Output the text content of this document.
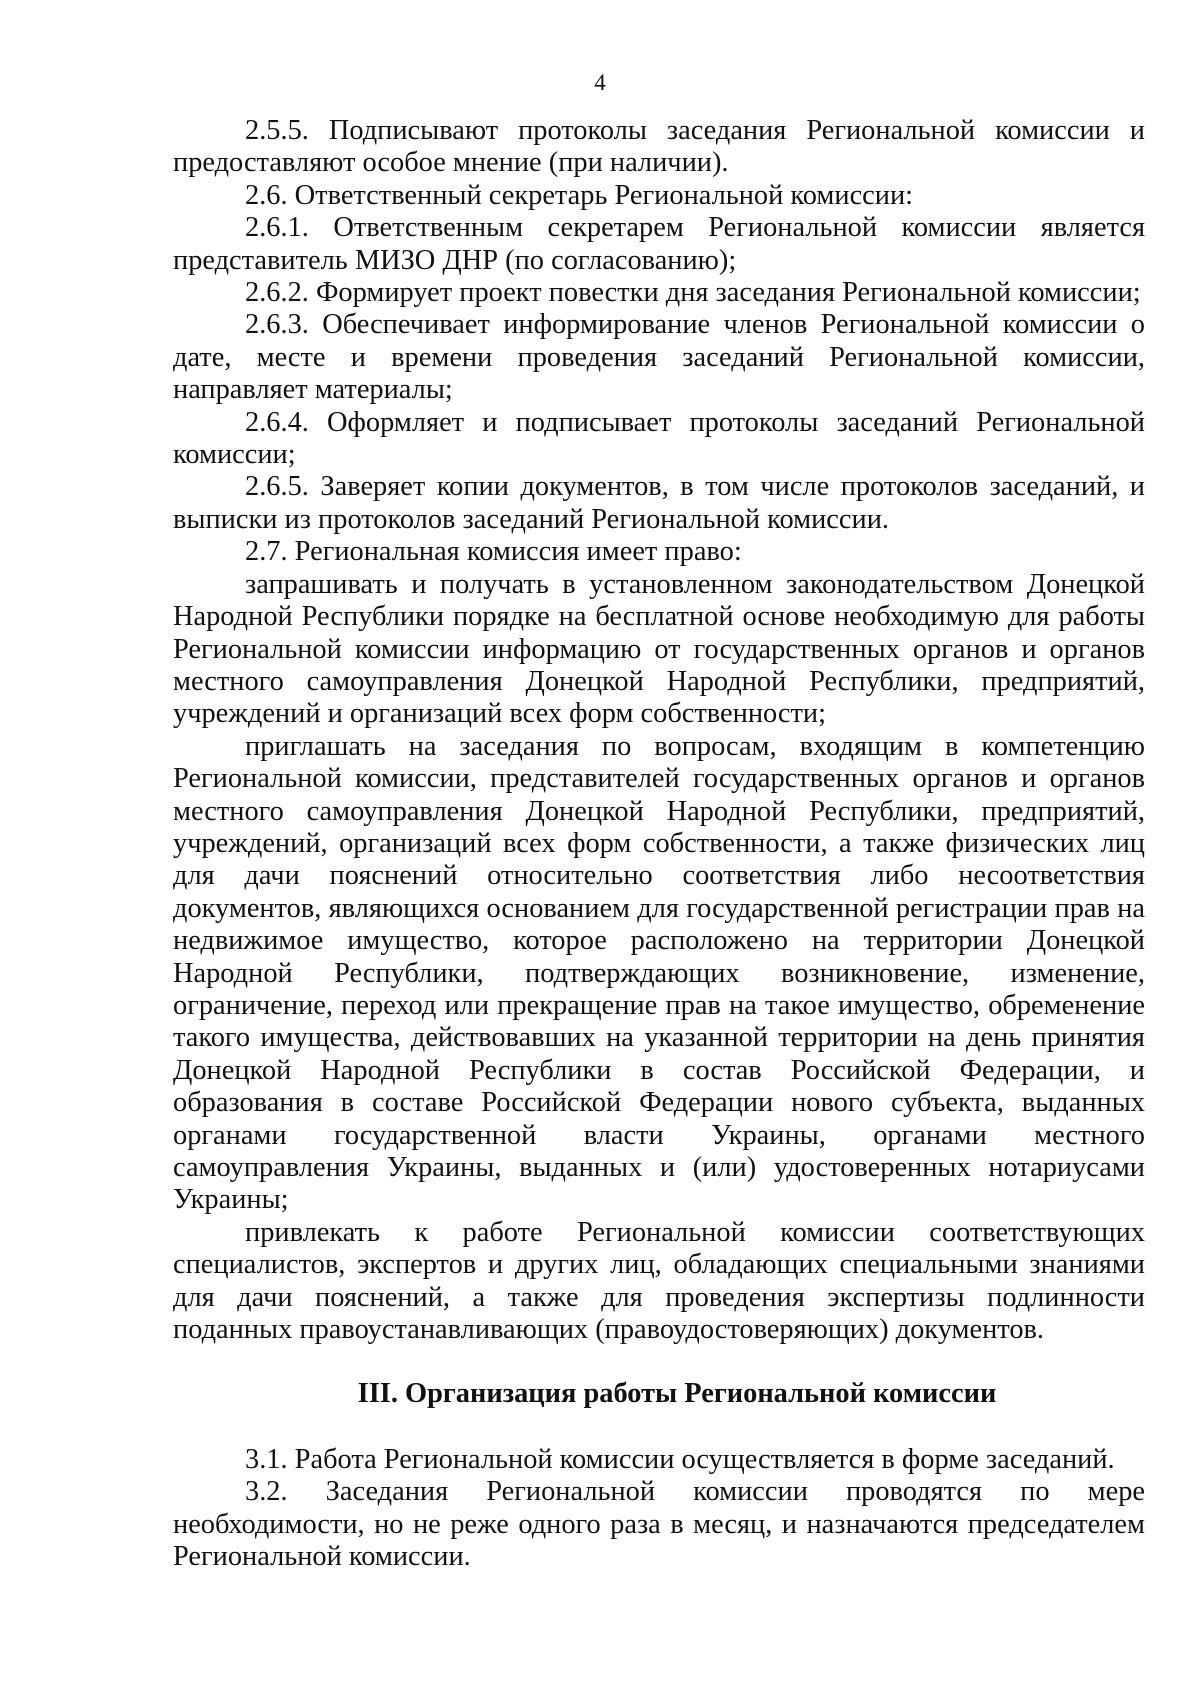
4

2.5.5. Подписывают протоколы заседания Региональной комиссии и предоставляют особое мнение (при наличии).

2.6. Ответственный секретарь Региональной комиссии:

2.6.1. Ответственным секретарем Региональной комиссии является представитель МИЗО ДНР (по согласованию);

2.6.2. Формирует проект повестки дня заседания Региональной комиссии;

2.6.3. Обеспечивает информирование членов Региональной комиссии о дате, месте и времени проведения заседаний Региональной комиссии, направляет материалы;

2.6.4. Оформляет и подписывает протоколы заседаний Региональной комиссии;

2.6.5. Заверяет копии документов, в том числе протоколов заседаний, и выписки из протоколов заседаний Региональной комиссии.

2.7. Региональная комиссия имеет право:

запрашивать и получать в установленном законодательством Донецкой Народной Республики порядке на бесплатной основе необходимую для работы Региональной комиссии информацию от государственных органов и органов местного самоуправления Донецкой Народной Республики, предприятий, учреждений и организаций всех форм собственности;

приглашать на заседания по вопросам, входящим в компетенцию Региональной комиссии, представителей государственных органов и органов местного самоуправления Донецкой Народной Республики, предприятий, учреждений, организаций всех форм собственности, а также физических лиц для дачи пояснений относительно соответствия либо несоответствия документов, являющихся основанием для государственной регистрации прав на недвижимое имущество, которое расположено на территории Донецкой Народной Республики, подтверждающих возникновение, изменение, ограничение, переход или прекращение прав на такое имущество, обременение такого имущества, действовавших на указанной территории на день принятия Донецкой Народной Республики в состав Российской Федерации, и образования в составе Российской Федерации нового субъекта, выданных органами государственной власти Украины, органами местного самоуправления Украины, выданных и (или) удостоверенных нотариусами Украины;

привлекать к работе Региональной комиссии соответствующих специалистов, экспертов и других лиц, обладающих специальными знаниями для дачи пояснений, а также для проведения экспертизы подлинности поданных правоустанавливающих (правоудостоверяющих) документов.

III. Организация работы Региональной комиссии

3.1. Работа Региональной комиссии осуществляется в форме заседаний.

3.2. Заседания Региональной комиссии проводятся по мере необходимости, но не реже одного раза в месяц, и назначаются председателем Региональной комиссии.
